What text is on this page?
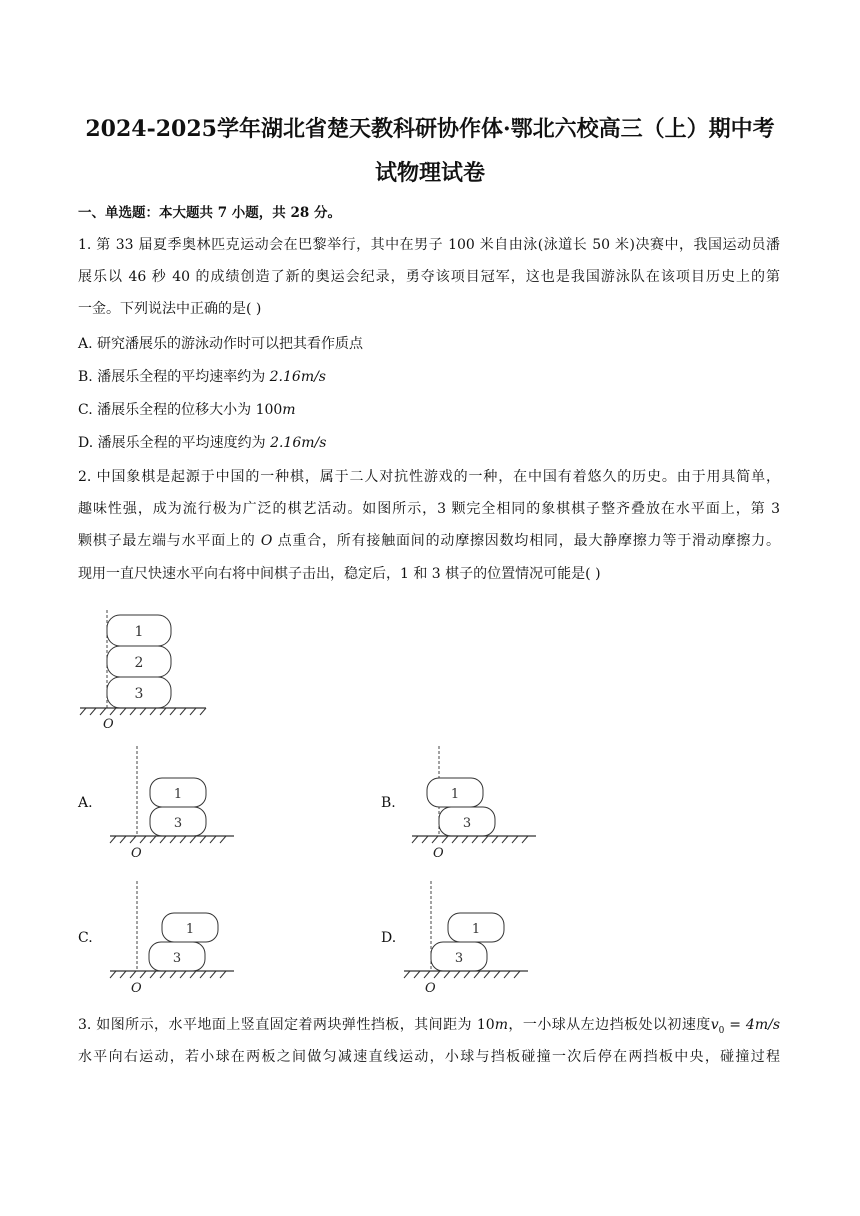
2024-2025学年湖北省楚天教科研协作体·鄂北六校高三（上）期中考
试物理试卷
一、单选题：本大题共 7 小题，共 28 分。
1. 第 33 届夏季奥林匹克运动会在巴黎举行，其中在男子 100 米自由泳(泳道长 50 米)决赛中，我国运动员潘
展乐以 46 秒 40 的成绩创造了新的奥运会纪录，勇夺该项目冠军，这也是我国游泳队在该项目历史上的第
一金。下列说法中正确的是( )
A. 研究潘展乐的游泳动作时可以把其看作质点
B. 潘展乐全程的平均速率约为 2.16m/s
C. 潘展乐全程的位移大小为 100m
D. 潘展乐全程的平均速度约为 2.16m/s
2. 中国象棋是起源于中国的一种棋，属于二人对抗性游戏的一种，在中国有着悠久的历史。由于用具简单，
趣味性强，成为流行极为广泛的棋艺活动。如图所示，3 颗完全相同的象棋棋子整齐叠放在水平面上，第 3
颗棋子最左端与水平面上的 O 点重合，所有接触面间的动摩擦因数均相同，最大静摩擦力等于滑动摩擦力。
现用一直尺快速水平向右将中间棋子击出，稳定后，1 和 3 棋子的位置情况可能是( )
1
2
3
O
A.
1
3
O
B.
1
3
O
C.
1
3
O
D.
1
3
O
3. 如图所示，水平地面上竖直固定着两块弹性挡板，其间距为 10m，一小球从左边挡板处以初速度$v_0 = 4m/s$
水平向右运动，若小球在两板之间做匀减速直线运动，小球与挡板碰撞一次后停在两挡板中央，碰撞过程
